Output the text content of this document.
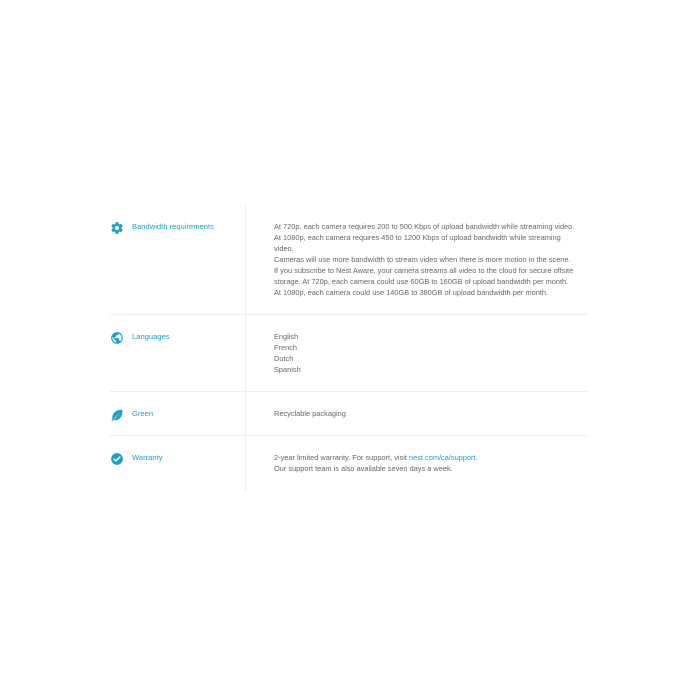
Bandwidth requirements	At 720p, each camera requires 200 to 500 Kbps of upload bandwidth while streaming video.
At 1080p, each camera requires 450 to 1200 Kbps of upload bandwidth while streaming
video.
Cameras will use more bandwidth to stream video when there is more motion in the scene.
If you subscribe to Nest Aware, your camera streams all video to the cloud for secure offsite
storage. At 720p, each camera could use 60GB to 160GB of upload bandwidth per month.
At 1080p, each camera could use 140GB to 380GB of upload bandwidth per month.
Languages	English
French
Dutch
Spanish
Green	Recyclable packaging
Warranty	2-year limited warranty. For support, visit nest.com/ca/support.
Our support team is also available seven days a week.
